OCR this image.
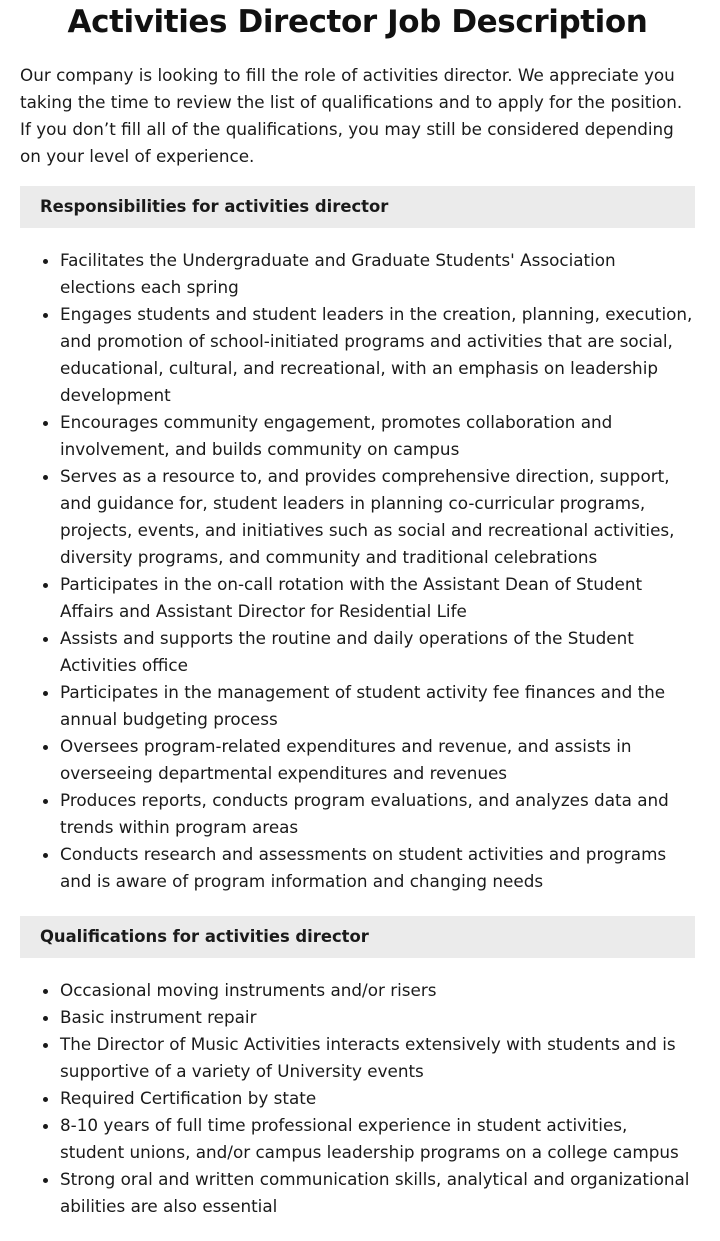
Activities Director Job Description

Our company is looking to fill the role of activities director. We appreciate you taking the time to review the list of qualifications and to apply for the position. If you don’t fill all of the qualifications, you may still be considered depending on your level of experience.

Responsibilities for activities director
• Facilitates the Undergraduate and Graduate Students' Association elections each spring
• Engages students and student leaders in the creation, planning, execution, and promotion of school-initiated programs and activities that are social, educational, cultural, and recreational, with an emphasis on leadership development
• Encourages community engagement, promotes collaboration and involvement, and builds community on campus
• Serves as a resource to, and provides comprehensive direction, support, and guidance for, student leaders in planning co-curricular programs, projects, events, and initiatives such as social and recreational activities, diversity programs, and community and traditional celebrations
• Participates in the on-call rotation with the Assistant Dean of Student Affairs and Assistant Director for Residential Life
• Assists and supports the routine and daily operations of the Student Activities office
• Participates in the management of student activity fee finances and the annual budgeting process
• Oversees program-related expenditures and revenue, and assists in overseeing departmental expenditures and revenues
• Produces reports, conducts program evaluations, and analyzes data and trends within program areas
• Conducts research and assessments on student activities and programs and is aware of program information and changing needs
Qualifications for activities director
• Occasional moving instruments and/or risers
• Basic instrument repair
• The Director of Music Activities interacts extensively with students and is supportive of a variety of University events
• Required Certification by state
• 8-10 years of full time professional experience in student activities, student unions, and/or campus leadership programs on a college campus
• Strong oral and written communication skills, analytical and organizational abilities are also essential
